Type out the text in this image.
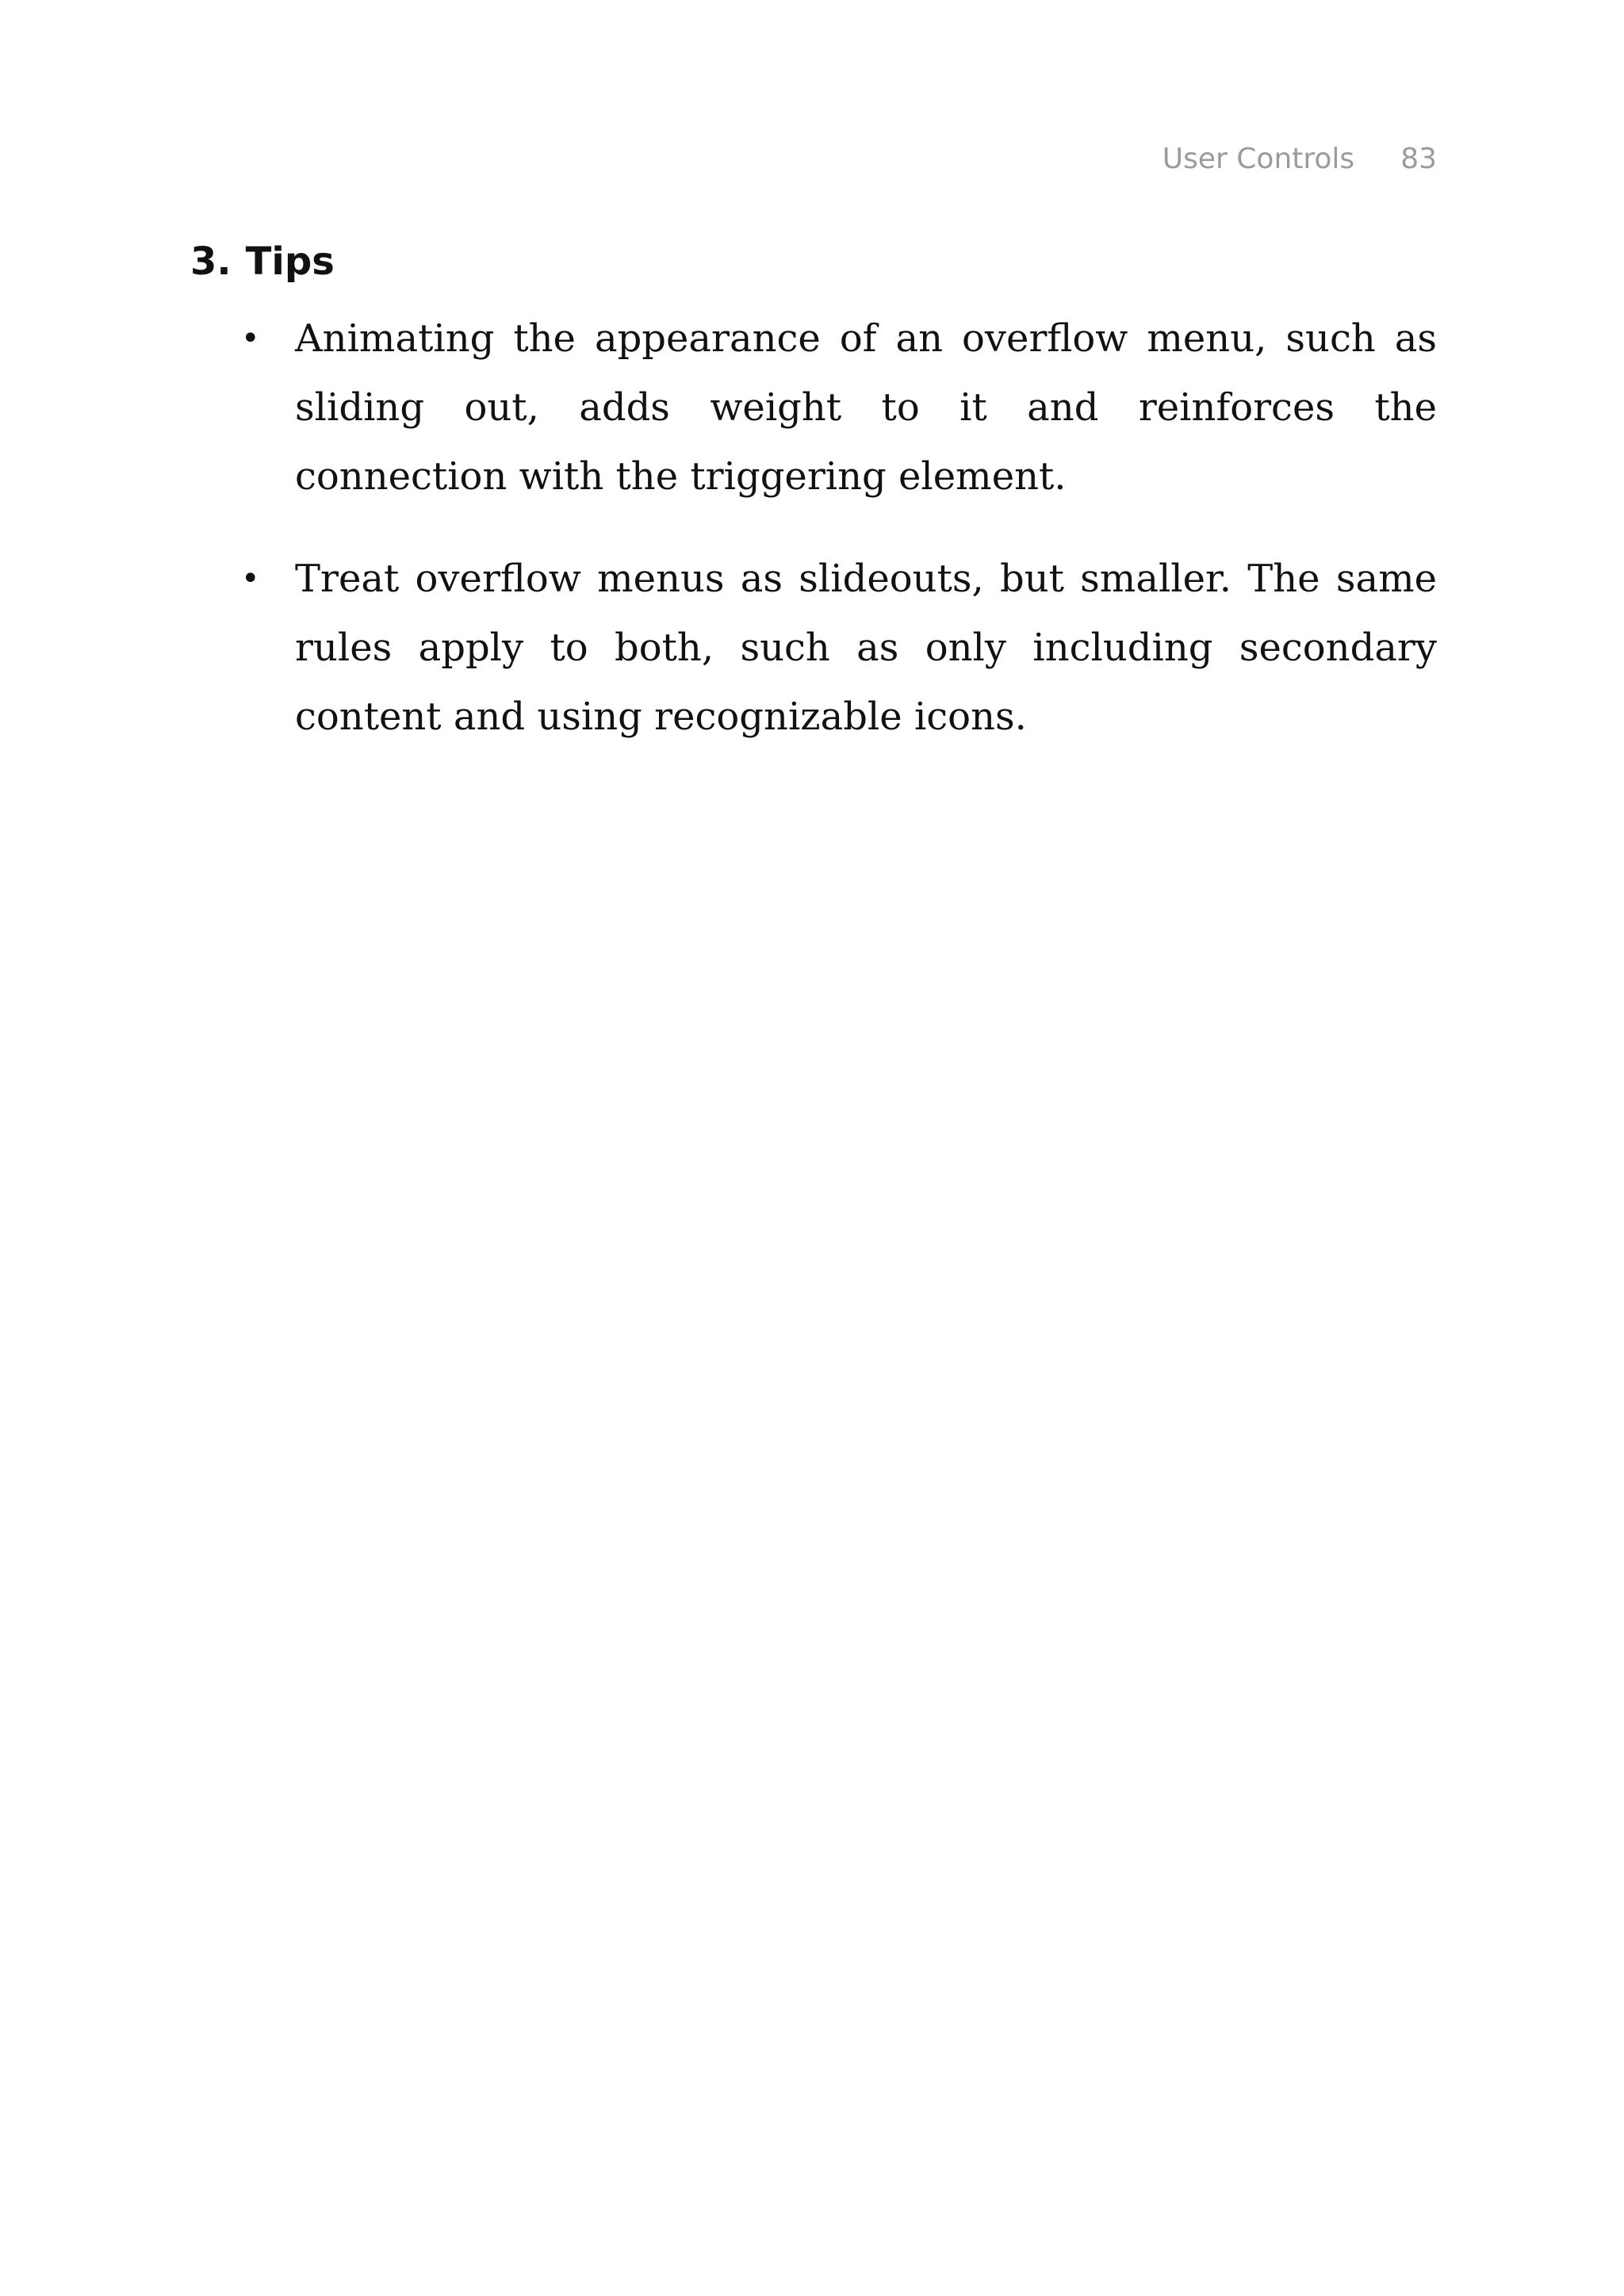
User Controls 83
3. Tips
• Animating the appearance of an overflow menu, such as sliding out, adds weight to it and reinforces the connection with the triggering element.
• Treat overflow menus as slideouts, but smaller. The same rules apply to both, such as only including secondary content and using recognizable icons.
